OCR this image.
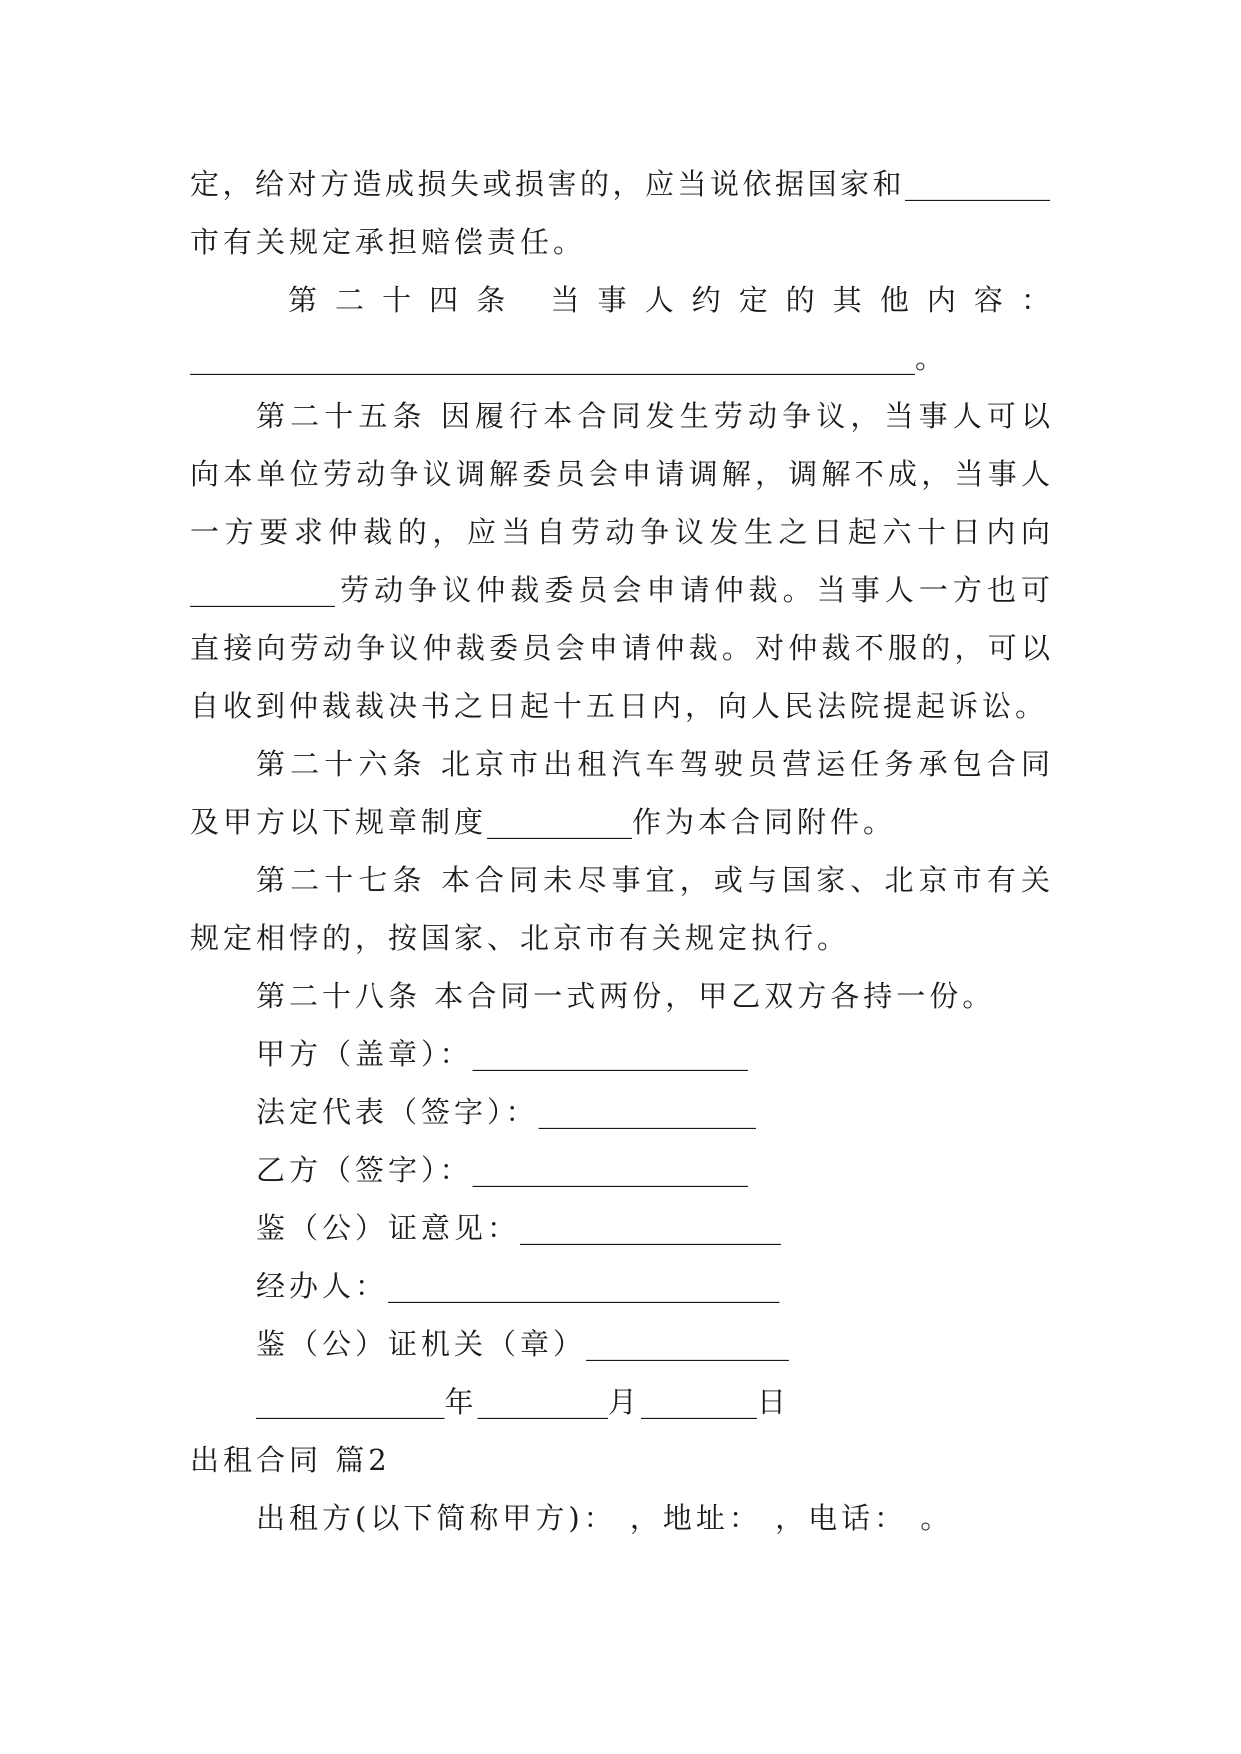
定，给对方造成损失或损害的，应当说依据国家和__________
市有关规定承担赔偿责任。
第二十四条 当事人约定的其他内容：
__________________________________________________。
第二十五条 因履行本合同发生劳动争议，当事人可以
向本单位劳动争议调解委员会申请调解，调解不成，当事人
一方要求仲裁的，应当自劳动争议发生之日起六十日内向
__________劳动争议仲裁委员会申请仲裁。当事人一方也可
直接向劳动争议仲裁委员会申请仲裁。对仲裁不服的，可以
自收到仲裁裁决书之日起十五日内，向人民法院提起诉讼。
第二十六条 北京市出租汽车驾驶员营运任务承包合同
及甲方以下规章制度__________作为本合同附件。
第二十七条 本合同未尽事宜，或与国家、北京市有关
规定相悖的，按国家、北京市有关规定执行。
第二十八条 本合同一式两份，甲乙双方各持一份。
甲方（盖章）：___________________
法定代表（签字）：_______________
乙方（签字）：___________________
鉴（公）证意见：__________________
经办人：___________________________
鉴（公）证机关（章）______________
_____________年_________月________日
出租合同 篇2
出租方(以下简称甲方)： ，地址： ，电话： 。
